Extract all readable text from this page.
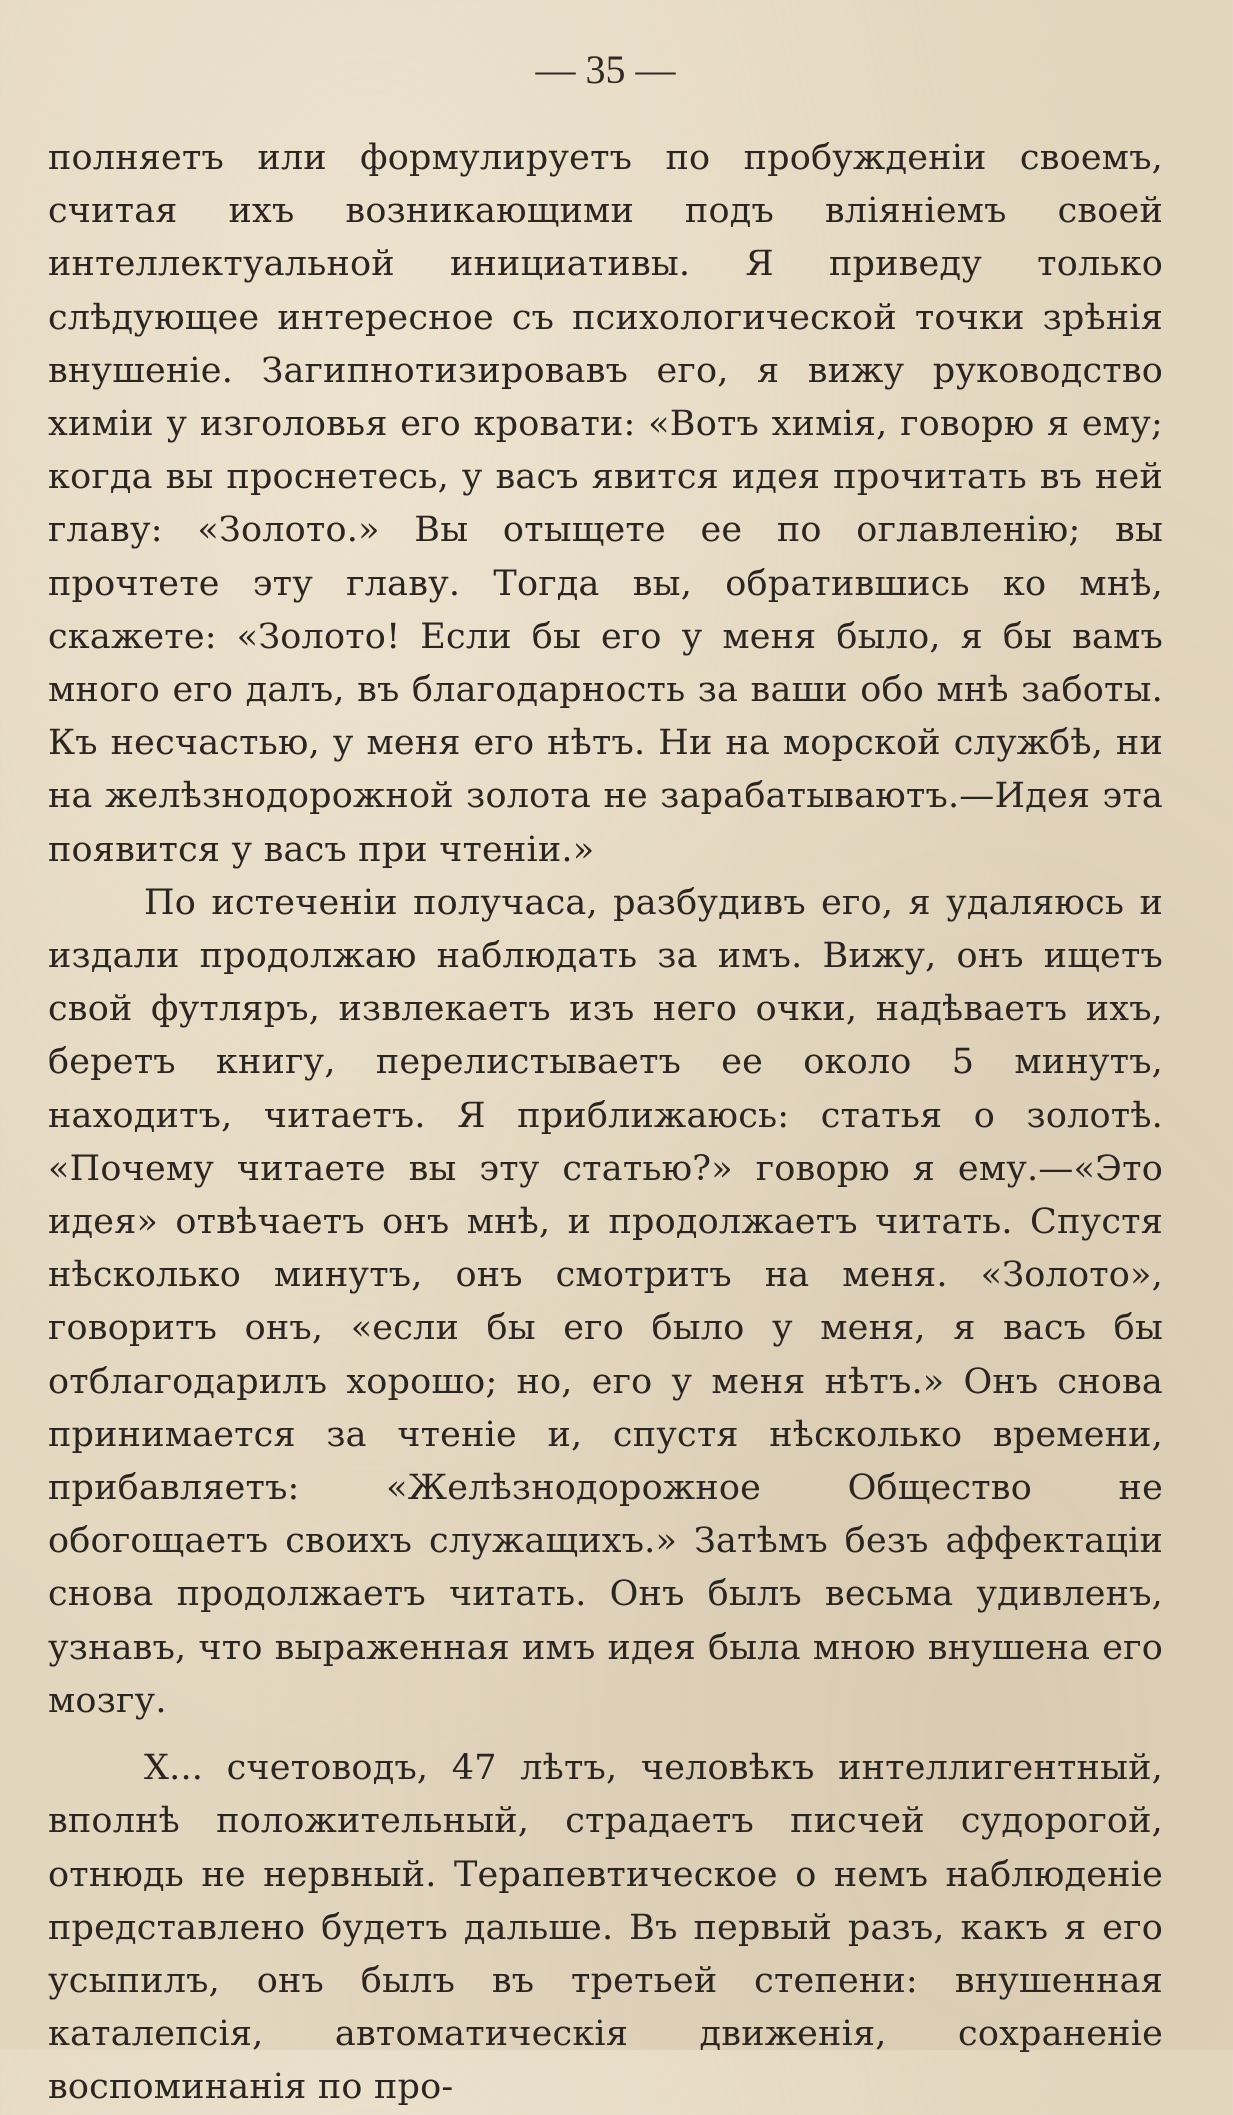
— 35 —

полняетъ или формулируетъ по пробужденіи своемъ, считая ихъ возникающими подъ вліяніемъ своей интеллектуальной инициативы. Я приведу только слѣдующее интересное съ психологической точки зрѣнія внушеніе. Загипнотизировавъ его, я вижу руководство химіи у изголовья его кровати: «Вотъ химія, говорю я ему; когда вы проснетесь, у васъ явится идея прочитать въ ней главу: «Золото.» Вы отыщете ее по оглавленію; вы прочтете эту главу. Тогда вы, обратившись ко мнѣ, скажете: «Золото! Если бы его у меня было, я бы вамъ много его далъ, въ благодарность за ваши обо мнѣ заботы. Къ несчастью, у меня его нѣтъ. Ни на морской службѣ, ни на желѣзнодорожной золота не зарабатываютъ.—Идея эта появится у васъ при чтеніи.»

По истеченіи получаса, разбудивъ его, я удаляюсь и издали продолжаю наблюдать за имъ. Вижу, онъ ищетъ свой футляръ, извлекаетъ изъ него очки, надѣваетъ ихъ, беретъ книгу, перелистываетъ ее около 5 минутъ, находитъ, читаетъ. Я приближаюсь: статья о золотѣ. «Почему читаете вы эту статью?» говорю я ему.—«Это идея» отвѣчаетъ онъ мнѣ, и продолжаетъ читать. Спустя нѣсколько минутъ, онъ смотритъ на меня. «Золото», говоритъ онъ, «если бы его было у меня, я васъ бы отблагодарилъ хорошо; но, его у меня нѣтъ.» Онъ снова принимается за чтеніе и, спустя нѣсколько времени, прибавляетъ: «Желѣзнодорожное Общество не обогощаетъ своихъ служащихъ.» Затѣмъ безъ аффектаціи снова продолжаетъ читать. Онъ былъ весьма удивленъ, узнавъ, что выраженная имъ идея была мною внушена его мозгу.

Х... счетоводъ, 47 лѣтъ, человѣкъ интеллигентный, вполнѣ положительный, страдаетъ писчей судорогой, отнюдь не нервный. Терапевтическое о немъ наблюденіе представлено будетъ дальше. Въ первый разъ, какъ я его усыпилъ, онъ былъ въ третьей степени: внушенная каталепсія, автоматическія движенія, сохраненіе воспоминанія по про-
